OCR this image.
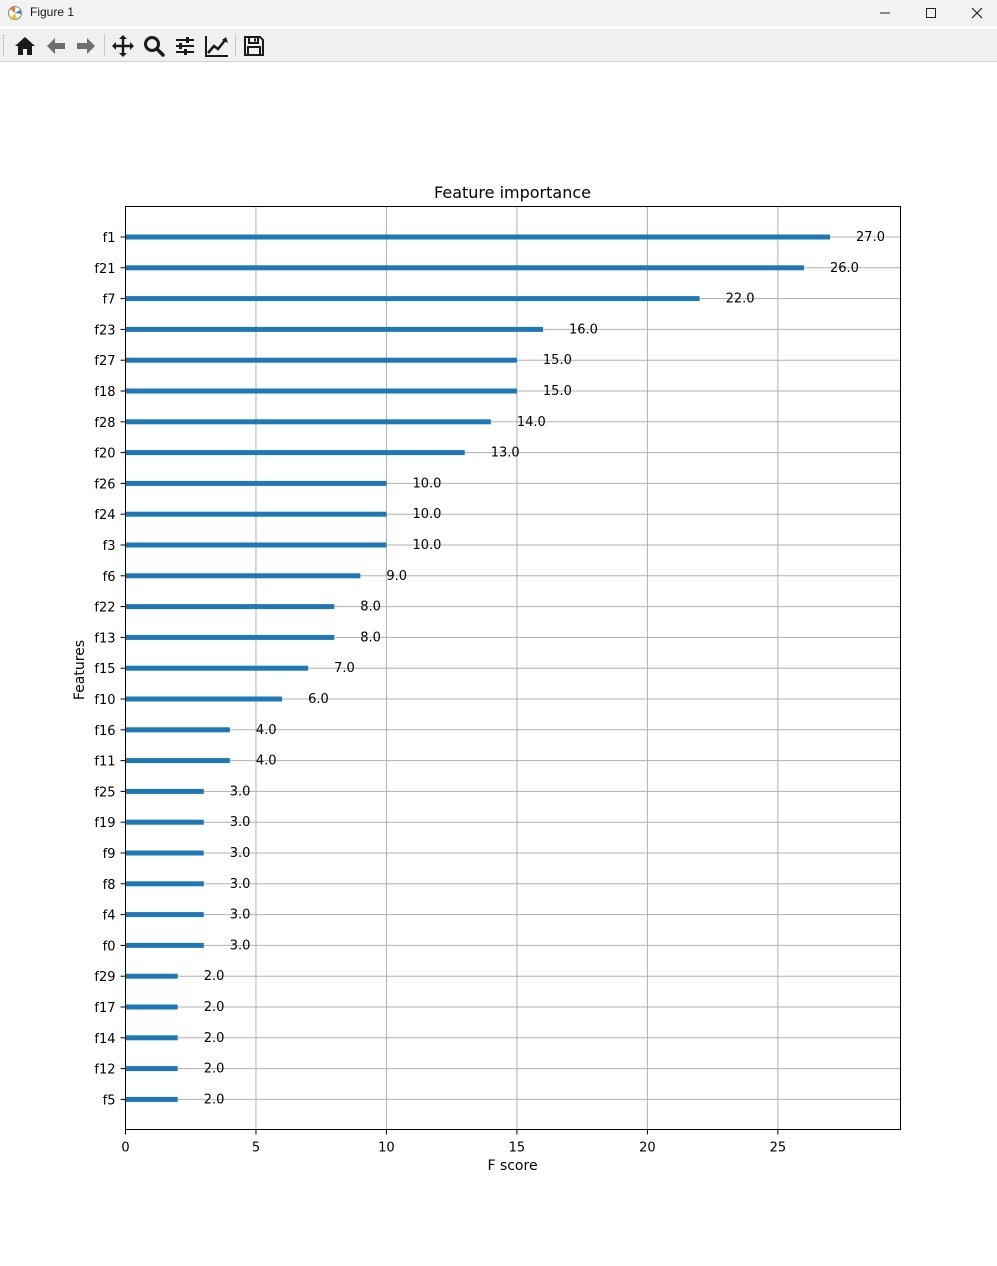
Figure 1
0	5	10	15	20	25
f1	27.0
f21	26.0
f7	22.0
f23	16.0
f27	15.0
f18	15.0
f28	14.0
f20	13.0
f26	10.0
f24	10.0
f3	10.0
f6	9.0
f22	8.0
f13	8.0
f15	7.0
f10	6.0
f16	4.0
f11	4.0
f25	3.0
f19	3.0
f9	3.0
f8	3.0
f4	3.0
f0	3.0
f29	2.0
f17	2.0
f14	2.0
f12	2.0
f5	2.0
Feature importance
F score
Features
